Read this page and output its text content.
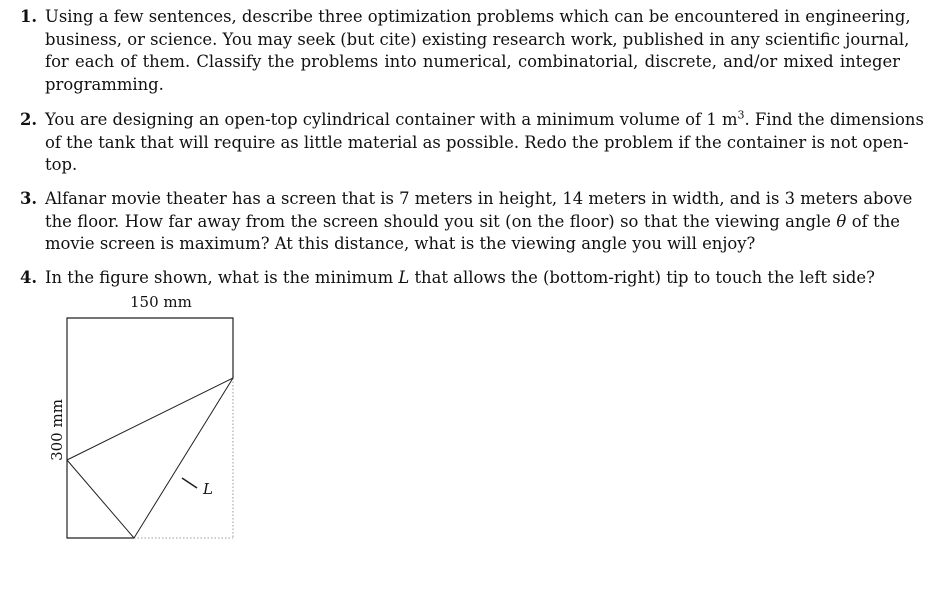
1. Using a few sentences, describe three optimization problems which can be encountered in engineering,
business, or science. You may seek (but cite) existing research work, published in any scientific journal,
for each of them. Classify the problems into numerical, combinatorial, discrete, and/or mixed integer
programming.
2. You are designing an open-top cylindrical container with a minimum volume of 1 $m^3$. Find the dimensions
of the tank that will require as little material as possible. Redo the problem if the container is not open-
top.
3. Alfanar movie theater has a screen that is 7 meters in height, 14 meters in width, and is 3 meters above
the floor. How far away from the screen should you sit (on the floor) so that the viewing angle θ of the
movie screen is maximum? At this distance, what is the viewing angle you will enjoy?
4. In the figure shown, what is the minimum L that allows the (bottom-right) tip to touch the left side?
150 mm
300 mm
L
